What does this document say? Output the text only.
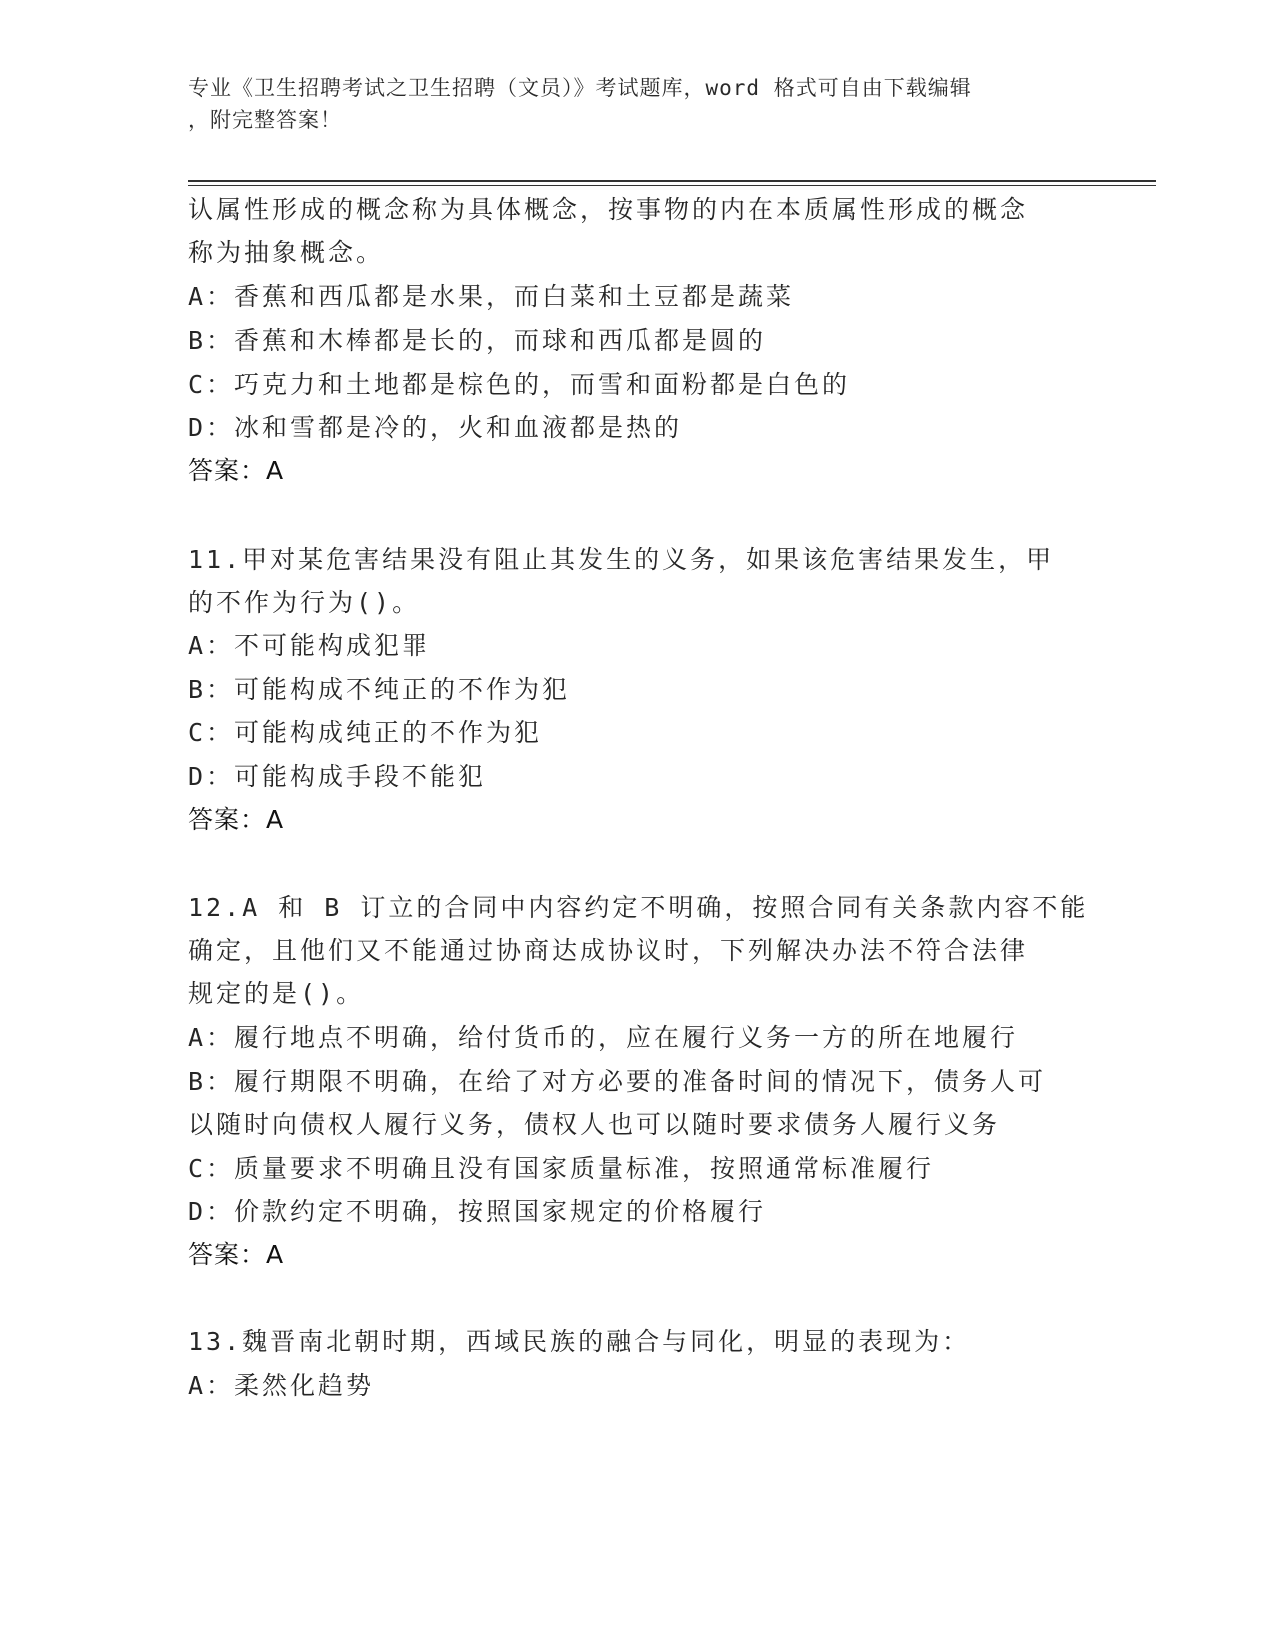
专业《卫生招聘考试之卫生招聘（文员）》考试题库，word 格式可自由下载编辑
，附完整答案！
认属性形成的概念称为具体概念，按事物的内在本质属性形成的概念
称为抽象概念。
A：香蕉和西瓜都是水果，而白菜和土豆都是蔬菜
B：香蕉和木棒都是长的，而球和西瓜都是圆的
C：巧克力和土地都是棕色的，而雪和面粉都是白色的
D：冰和雪都是冷的，火和血液都是热的
答案：A
11.甲对某危害结果没有阻止其发生的义务，如果该危害结果发生，甲
的不作为行为()。
A：不可能构成犯罪
B：可能构成不纯正的不作为犯
C：可能构成纯正的不作为犯
D：可能构成手段不能犯
答案：A
12.A 和 B 订立的合同中内容约定不明确，按照合同有关条款内容不能
确定，且他们又不能通过协商达成协议时，下列解决办法不符合法律
规定的是()。
A：履行地点不明确，给付货币的，应在履行义务一方的所在地履行
B：履行期限不明确，在给了对方必要的准备时间的情况下，债务人可
以随时向债权人履行义务，债权人也可以随时要求债务人履行义务
C：质量要求不明确且没有国家质量标准，按照通常标准履行
D：价款约定不明确，按照国家规定的价格履行
答案：A
13.魏晋南北朝时期，西域民族的融合与同化，明显的表现为：
A：柔然化趋势
